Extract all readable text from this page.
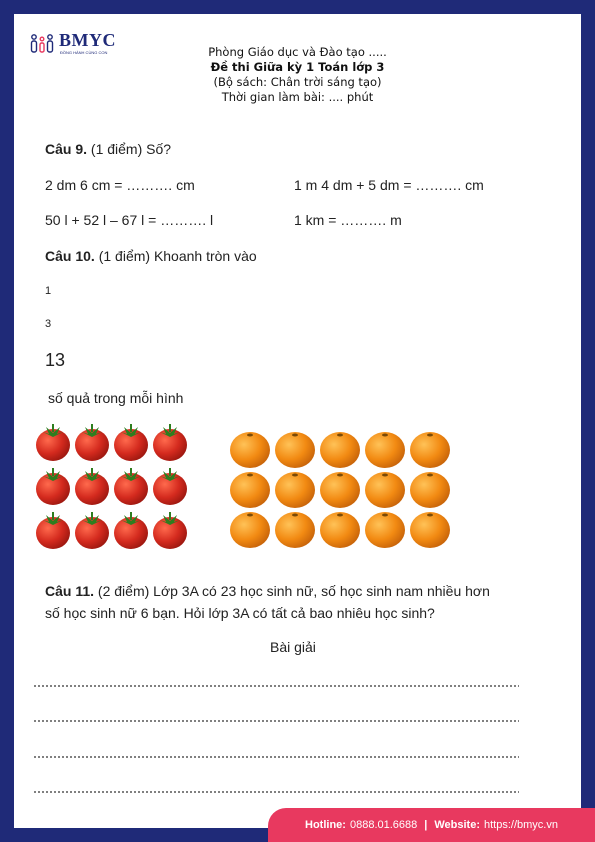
BMYC
ĐỒNG HÀNH CÙNG CON	Phòng Giáo dục và Đào tạo .....
Đề thi Giữa kỳ 1 Toán lớp 3
(Bộ sách: Chân trời sáng tạo)
Thời gian làm bài: .... phút
Câu 9. (1 điểm) Số?
2 dm 6 cm = ………. cm	1 m 4 dm + 5 dm = ………. cm
50 l + 52 l – 67 l = ………. l	1 km = ………. m
Câu 10. (1 điểm) Khoanh tròn vào
1
3
13
số quả trong mỗi hình
Câu 11. (2 điểm) Lớp 3A có 23 học sinh nữ, số học sinh nam nhiều hơn
số học sinh nữ 6 bạn. Hỏi lớp 3A có tất cả bao nhiêu học sinh?
Bài giải
Hotline: 0888.01.6688 | Website: https://bmyc.vn
